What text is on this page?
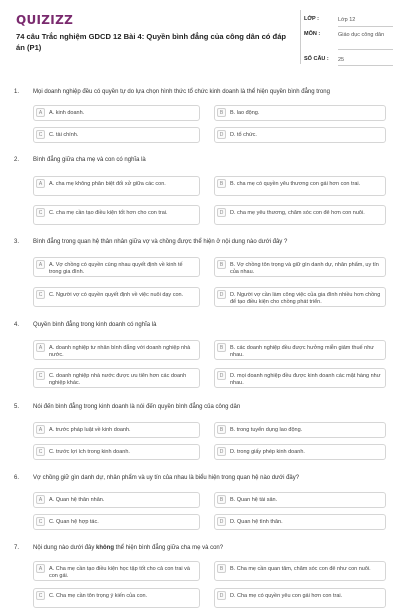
QUIZIZZ
74 câu Trắc nghiệm GDCD 12 Bài 4: Quyền bình đẳng của công dân có đáp án (P1)
LỚP :	Lớp 12
MÔN :	Giáo dục công dân
SỐ CÂU : 25
1. Mọi doanh nghiệp đều có quyền tự do lựa chọn hình thức tổ chức kinh doanh là thể hiện quyền bình đẳng trong
A	A. kinh doanh.	B	B. lao động.
C	C. tài chính.	D	D. tổ chức.
2. Bình đẳng giữa cha mẹ và con có nghĩa là
A	A. cha mẹ không phân biệt đối xử giữa các con.	B	B. cha mẹ có quyền yêu thương con gái hơn con trai.
C	C. cha mẹ cần tạo điều kiện tốt hơn cho con trai.	D	D. cha mẹ yêu thương, chăm sóc con đẻ hơn con nuôi.
3. Bình đẳng trong quan hệ thân nhân giữa vợ và chồng được thể hiện ở nội dung nào dưới đây ?
A	A. Vợ chồng có quyền cùng nhau quyết định về kinh tế trong gia đình.
B	B. Vợ chồng tôn trọng và giữ gìn danh dự, nhân phẩm, uy tín của nhau.
C	C. Người vợ có quyền quyết định về việc nuôi dạy con.	D	D. Người vợ cần làm công việc của gia đình nhiều hơn chồng để tạo điều kiện cho chồng phát triển.
4. Quyền bình đẳng trong kinh doanh có nghĩa là
A	A. doanh nghiệp tư nhân bình đẳng với doanh nghiệp nhà nước.
B	B. các doanh nghiệp đều được hưởng miễn giảm thuế như nhau.
C	C. doanh nghiệp nhà nước được ưu tiên hơn các doanh nghiệp khác.
D	D. mọi doanh nghiệp đều được kinh doanh các mặt hàng như nhau.
5. Nói đến bình đẳng trong kinh doanh là nói đến quyền bình đẳng của công dân
A	A. trước pháp luật về kinh doanh.	B	B. trong tuyển dụng lao động.
C	C. trước lợi ích trong kinh doanh.	D	D. trong giấy phép kinh doanh.
6. Vợ chồng giữ gìn danh dự, nhân phẩm và uy tín của nhau là biểu hiện trong quan hệ nào dưới đây?
A	A. Quan hệ thân nhân.	B	B. Quan hệ tài sản.
C	C. Quan hệ hợp tác.	D	D. Quan hệ tình thân.
7. Nội dung nào dưới đây không thể hiện bình đẳng giữa cha mẹ và con?
A	A. Cha mẹ cần tạo điều kiện học tập tốt cho cả con trai và con gái.
B	B. Cha mẹ cần quan tâm, chăm sóc con đẻ như con nuôi.
C	C. Cha mẹ cần tôn trọng ý kiến của con.	D	D. Cha mẹ có quyền yêu con gái hơn con trai.
